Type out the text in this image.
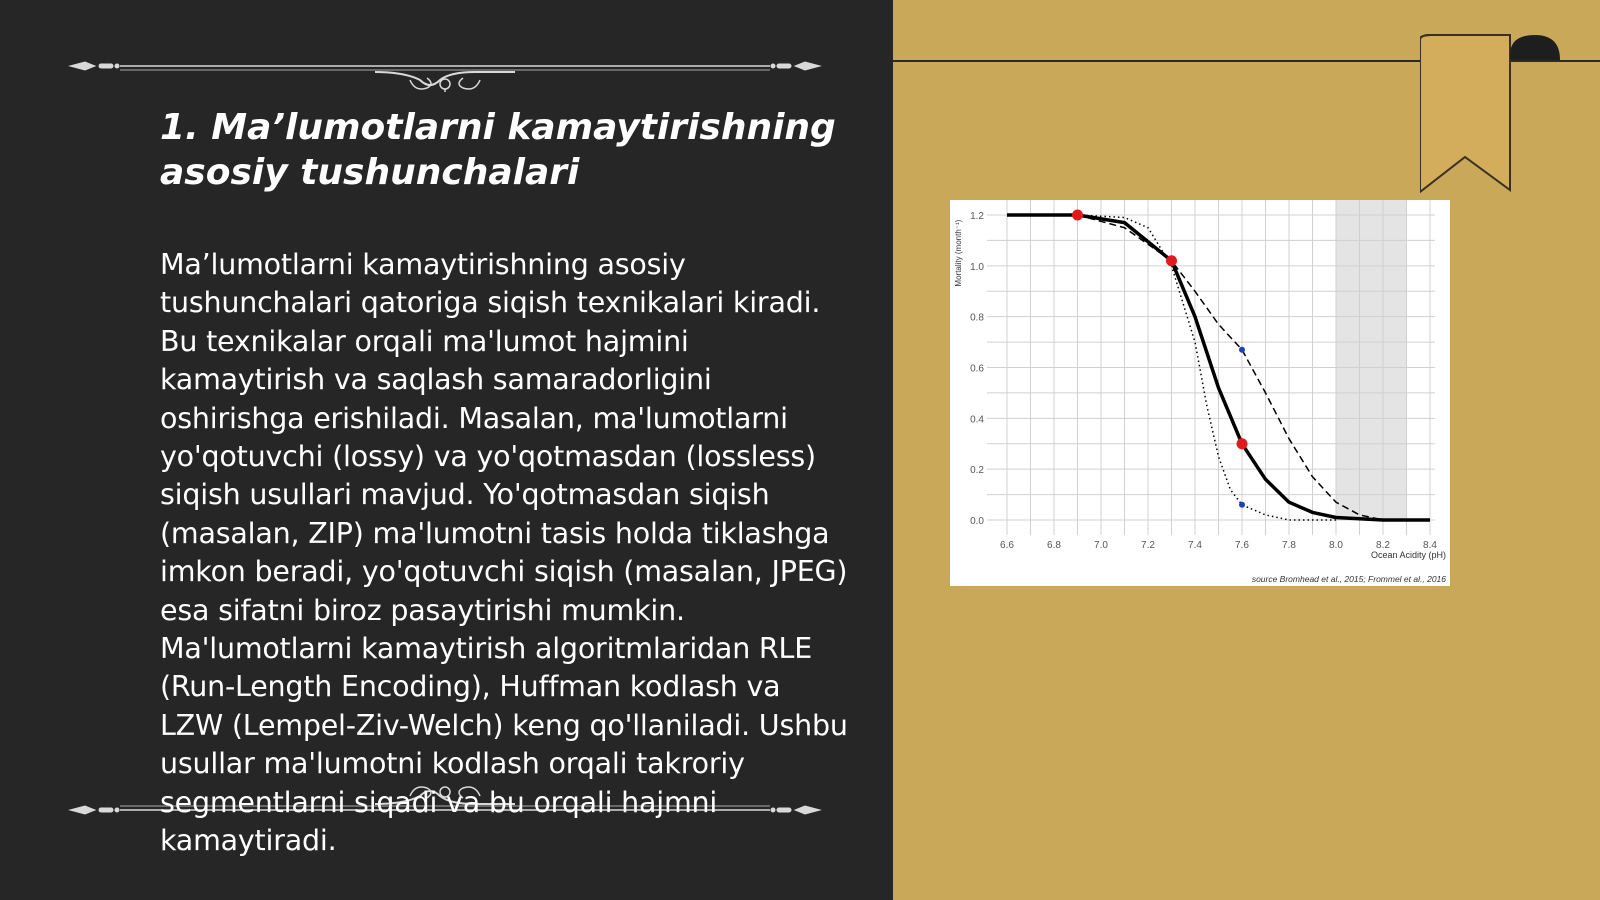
1. Ma’lumotlarni kamaytirishning asosiy tushunchalari

Ma’lumotlarni kamaytirishning asosiy tushunchalari qatoriga siqish texnikalari kiradi. Bu texnikalar orqali ma'lumot hajmini kamaytirish va saqlash samaradorligini oshirishga erishiladi. Masalan, ma'lumotlarni yo'qotuvchi (lossy) va yo'qotmasdan (lossless) siqish usullari mavjud. Yo'qotmasdan siqish (masalan, ZIP) ma'lumotni tasis holda tiklashga imkon beradi, yo'qotuvchi siqish (masalan, JPEG) esa sifatni biroz pasaytirishi mumkin. Ma'lumotlarni kamaytirish algoritmlaridan RLE (Run-Length Encoding), Huffman kodlash va LZW (Lempel-Ziv-Welch) keng qo'llaniladi. Ushbu usullar ma'lumotni kodlash orqali takroriy segmentlarni siqadi va bu orqali hajmni kamaytiradi.

6.6	6.8	7.0	7.2	7.4	7.6	7.8	8.0	8.2	8.4
0.0
0.2
0.4
0.6
0.8
1.0
1.2
Mortality (month⁻¹)
Ocean Acidity (pH)
source Bromhead et al., 2015; Frommel et al., 2016
